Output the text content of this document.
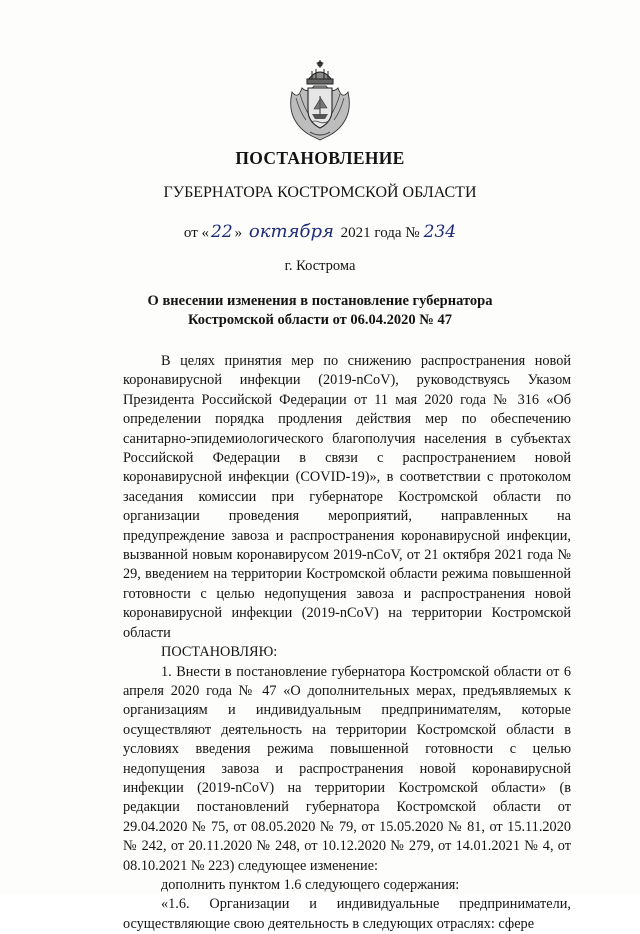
ПОСТАНОВЛЕНИЕ
ГУБЕРНАТОРА КОСТРОМСКОЙ ОБЛАСТИ
от « 22 » октября 2021 года № 234
г. Кострома
О внесении изменения в постановление губернатора
Костромской области от 06.04.2020 № 47

В целях принятия мер по снижению распространения новой коронавирусной инфекции (2019-nCoV), руководствуясь Указом Президента Российской Федерации от 11 мая 2020 года № 316 «Об определении порядка продления действия мер по обеспечению санитарно-эпидемиологического благополучия населения в субъектах Российской Федерации в связи с распространением новой коронавирусной инфекции (COVID-19)», в соответствии с протоколом заседания комиссии при губернаторе Костромской области по организации проведения мероприятий, направленных на предупреждение завоза и распространения коронавирусной инфекции, вызванной новым коронавирусом 2019-nCoV, от 21 октября 2021 года № 29, введением на территории Костромской области режима повышенной готовности с целью недопущения завоза и распространения новой коронавирусной инфекции (2019-nCoV) на территории Костромской области

ПОСТАНОВЛЯЮ:

1. Внести в постановление губернатора Костромской области от 6 апреля 2020 года № 47 «О дополнительных мерах, предъявляемых к организациям и индивидуальным предпринимателям, которые осуществляют деятельность на территории Костромской области в условиях введения режима повышенной готовности с целью недопущения завоза и распространения новой коронавирусной инфекции (2019-nCoV) на территории Костромской области» (в редакции постановлений губернатора Костромской области от 29.04.2020 № 75, от 08.05.2020 № 79, от 15.05.2020 № 81, от 15.11.2020 № 242, от 20.11.2020 № 248, от 10.12.2020 № 279, от 14.01.2021 № 4, от 08.10.2021 № 223) следующее изменение:

дополнить пунктом 1.6 следующего содержания:

«1.6. Организации и индивидуальные предприниматели, осуществляющие свою деятельность в следующих отраслях: сфере
